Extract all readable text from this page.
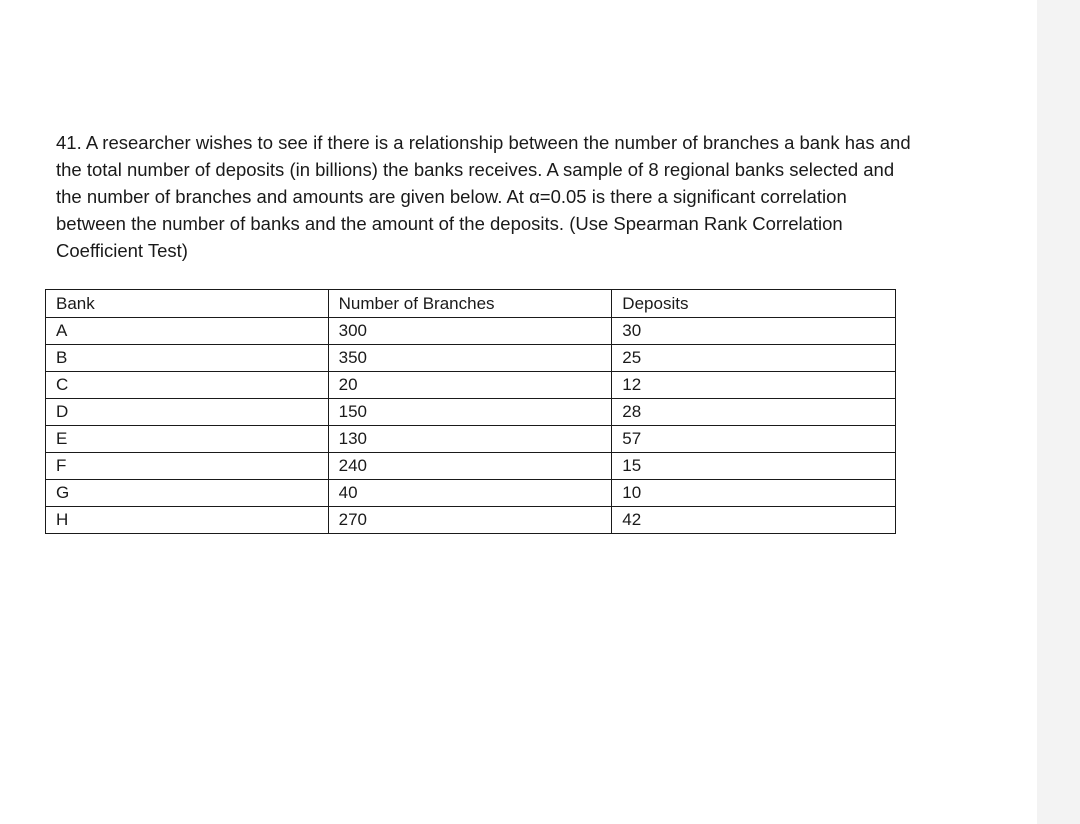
41. A researcher wishes to see if there is a relationship between the number of branches a bank has and the total number of deposits (in billions) the banks receives. A sample of 8 regional banks selected and the number of branches and amounts are given below. At α=0.05 is there a significant correlation between the number of banks and the amount of the deposits. (Use Spearman Rank Correlation Coefficient Test)

Bank	Number of Branches	Deposits
A	300	30
B	350	25
C	20	12
D	150	28
E	130	57
F	240	15
G	40	10
H	270	42
